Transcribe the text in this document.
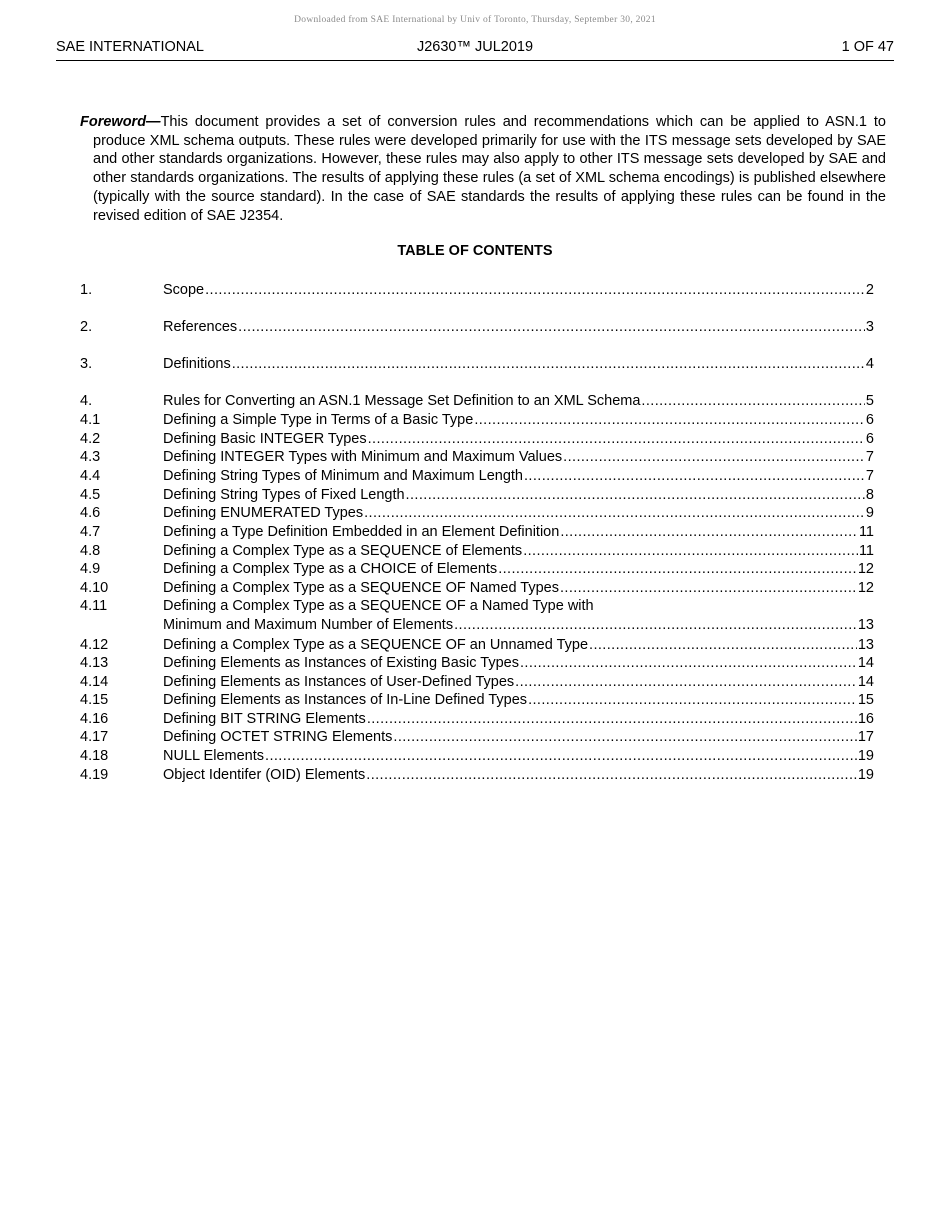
Downloaded from SAE International by Univ of Toronto, Thursday, September 30, 2021
SAE INTERNATIONAL	J2630™ JUL2019	1 OF 47

Foreword—This document provides a set of conversion rules and recommendations which can be applied to ASN.1 to produce XML schema outputs. These rules were developed primarily for use with the ITS message sets developed by SAE and other standards organizations. However, these rules may also apply to other ITS message sets developed by SAE and other standards organizations. The results of applying these rules (a set of XML schema encodings) is published elsewhere (typically with the source standard). In the case of SAE standards the results of applying these rules can be found in the revised edition of SAE J2354.

TABLE OF CONTENTS
1.	Scope .....	2
2.	References .....	3
3.	Definitions .....	4
4.	Rules for Converting an ASN.1 Message Set Definition to an XML Schema .....	5
4.1	Defining a Simple Type in Terms of a Basic Type .....	6
4.2	Defining Basic INTEGER Types .....	6
4.3	Defining INTEGER Types with Minimum and Maximum Values .....	7
4.4	Defining String Types of Minimum and Maximum Length .....	7
4.5	Defining String Types of Fixed Length .....	8
4.6	Defining ENUMERATED Types .....	9
4.7	Defining a Type Definition Embedded in an Element Definition .....	11
4.8	Defining a Complex Type as a SEQUENCE of Elements .....	11
4.9	Defining a Complex Type as a CHOICE of Elements .....	12
4.10	Defining a Complex Type as a SEQUENCE OF Named Types .....	12
4.11	Defining a Complex Type as a SEQUENCE OF a Named Type with
Minimum and Maximum Number of Elements .....	13
4.12	Defining a Complex Type as a SEQUENCE OF an Unnamed Type .....	13
4.13	Defining Elements as Instances of Existing Basic Types .....	14
4.14	Defining Elements as Instances of User-Defined Types .....	14
4.15	Defining Elements as Instances of In-Line Defined Types .....	15
4.16	Defining BIT STRING Elements .....	16
4.17	Defining OCTET STRING Elements .....	17
4.18	NULL Elements .....	19
4.19	Object Identifer (OID) Elements .....	19
